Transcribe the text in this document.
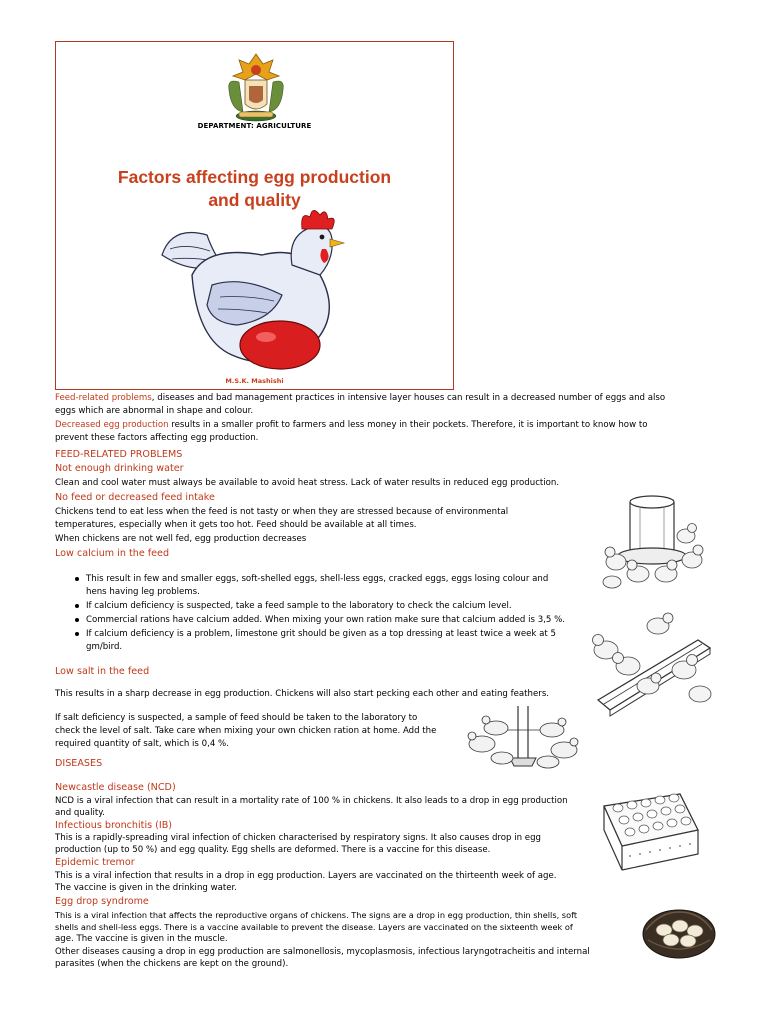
DEPARTMENT: AGRICULTURE
Factors affecting egg production
and quality
M.S.K. Mashishi
Feed-related problems, diseases and bad management practices in intensive layer houses can result in a decreased number of eggs and also
eggs which are abnormal in shape and colour.
Decreased egg production results in a smaller profit to farmers and less money in their pockets. Therefore, it is important to know how to
prevent these factors affecting egg production.
FEED-RELATED PROBLEMS
Not enough drinking water
Clean and cool water must always be available to avoid heat stress. Lack of water results in reduced egg production.
No feed or decreased feed intake
Chickens tend to eat less when the feed is not tasty or when they are stressed because of environmental
temperatures, especially when it gets too hot. Feed should be available at all times.
When chickens are not well fed, egg production decreases
Low calcium in the feed
This result in few and smaller eggs, soft-shelled eggs, shell-less eggs, cracked eggs, eggs losing colour and
hens having leg problems.
If calcium deficiency is suspected, take a feed sample to the laboratory to check the calcium level.
Commercial rations have calcium added. When mixing your own ration make sure that calcium added is 3,5 %.
If calcium deficiency is a problem, limestone grit should be given as a top dressing at least twice a week at 5
gm/bird.
Low salt in the feed
This results in a sharp decrease in egg production. Chickens will also start pecking each other and eating feathers.
If salt deficiency is suspected, a sample of feed should be taken to the laboratory to
check the level of salt. Take care when mixing your own chicken ration at home. Add the
required quantity of salt, which is 0,4 %.
DISEASES
Newcastle disease (NCD)
NCD is a viral infection that can result in a mortality rate of 100 % in chickens. It also leads to a drop in egg production
and quality.
Infectious bronchitis (IB)
This is a rapidly-spreading viral infection of chicken characterised by respiratory signs. It also causes drop in egg
production (up to 50 %) and egg quality. Egg shells are deformed. There is a vaccine for this disease.
Epidemic tremor
This is a viral infection that results in a drop in egg production. Layers are vaccinated on the thirteenth week of age.
The vaccine is given in the drinking water.
Egg drop syndrome
This is a viral infection that affects the reproductive organs of chickens. The signs are a drop in egg production, thin shells, soft
shells and shell-less eggs. There is a vaccine available to prevent the disease. Layers are vaccinated on the sixteenth week of
age. The vaccine is given in the muscle.
Other diseases causing a drop in egg production are salmonellosis, mycoplasmosis, infectious laryngotracheitis and internal
parasites (when the chickens are kept on the ground).
